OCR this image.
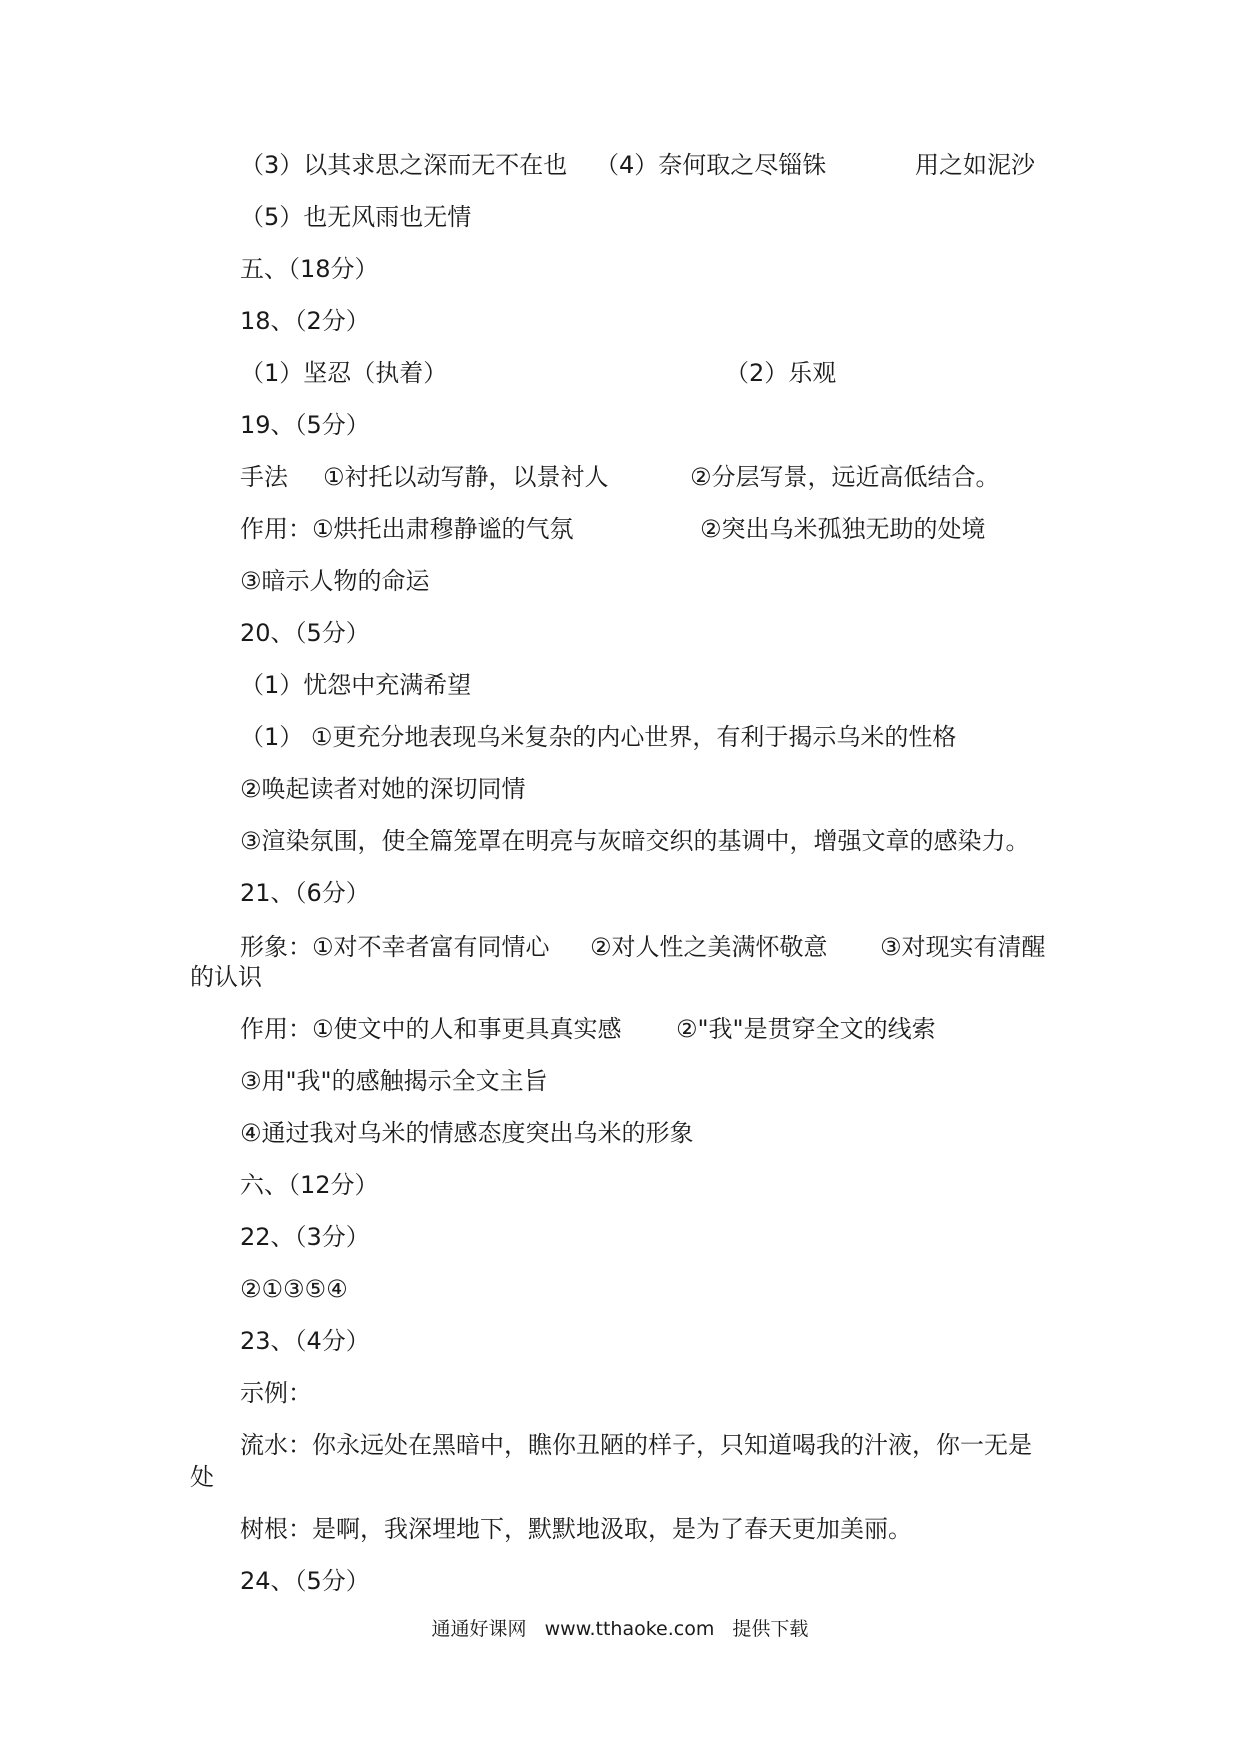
（3）以其求思之深而无不在也 （4）奈何取之尽锱铢	用之如泥沙
（5）也无风雨也无情
五、（18分）
18、（2分）
（1）坚忍（执着）	（2）乐观
19、（5分）
手法 ①衬托以动写静，以景衬人	②分层写景，远近高低结合。
作用：①烘托出肃穆静谧的气氛	②突出乌米孤独无助的处境
③暗示人物的命运
20、（5分）
（1）忧怨中充满希望
（1） ①更充分地表现乌米复杂的内心世界，有利于揭示乌米的性格
②唤起读者对她的深切同情
③渲染氛围，使全篇笼罩在明亮与灰暗交织的基调中，增强文章的感染力。
21、（6分）
形象：①对不幸者富有同情心 ②对人性之美满怀敬意 ③对现实有清醒
的认识
作用：①使文中的人和事更具真实感 ②"我"是贯穿全文的线索
③用"我"的感触揭示全文主旨
④通过我对乌米的情感态度突出乌米的形象
六、（12分）
22、（3分）
②①③⑤④
23、（4分）
示例：
流水：你永远处在黑暗中，瞧你丑陋的样子，只知道喝我的汁液，你一无是
处
树根：是啊，我深埋地下，默默地汲取，是为了春天更加美丽。
24、（5分）
通通好课网 www.tthaoke.com 提供下载
